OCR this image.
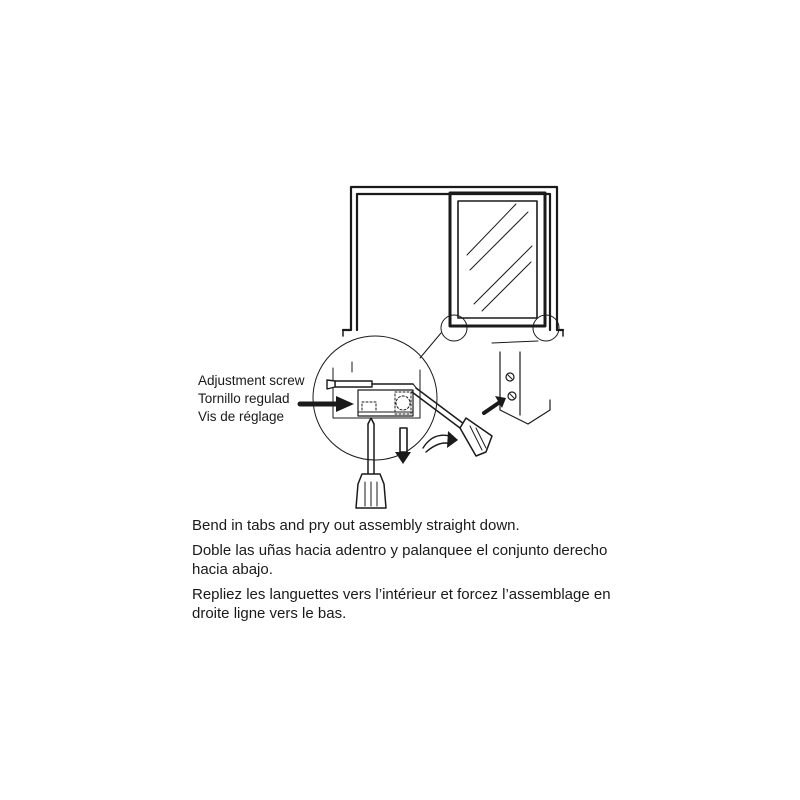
Adjustment screw
Tornillo regulad
Vis de réglage

Bend in tabs and pry out assembly straight down.

Doble las uñas hacia adentro y palanquee el conjunto derecho hacia abajo.

Repliez les languettes vers l’intérieur et forcez l’assemblage en droite ligne vers le bas.
